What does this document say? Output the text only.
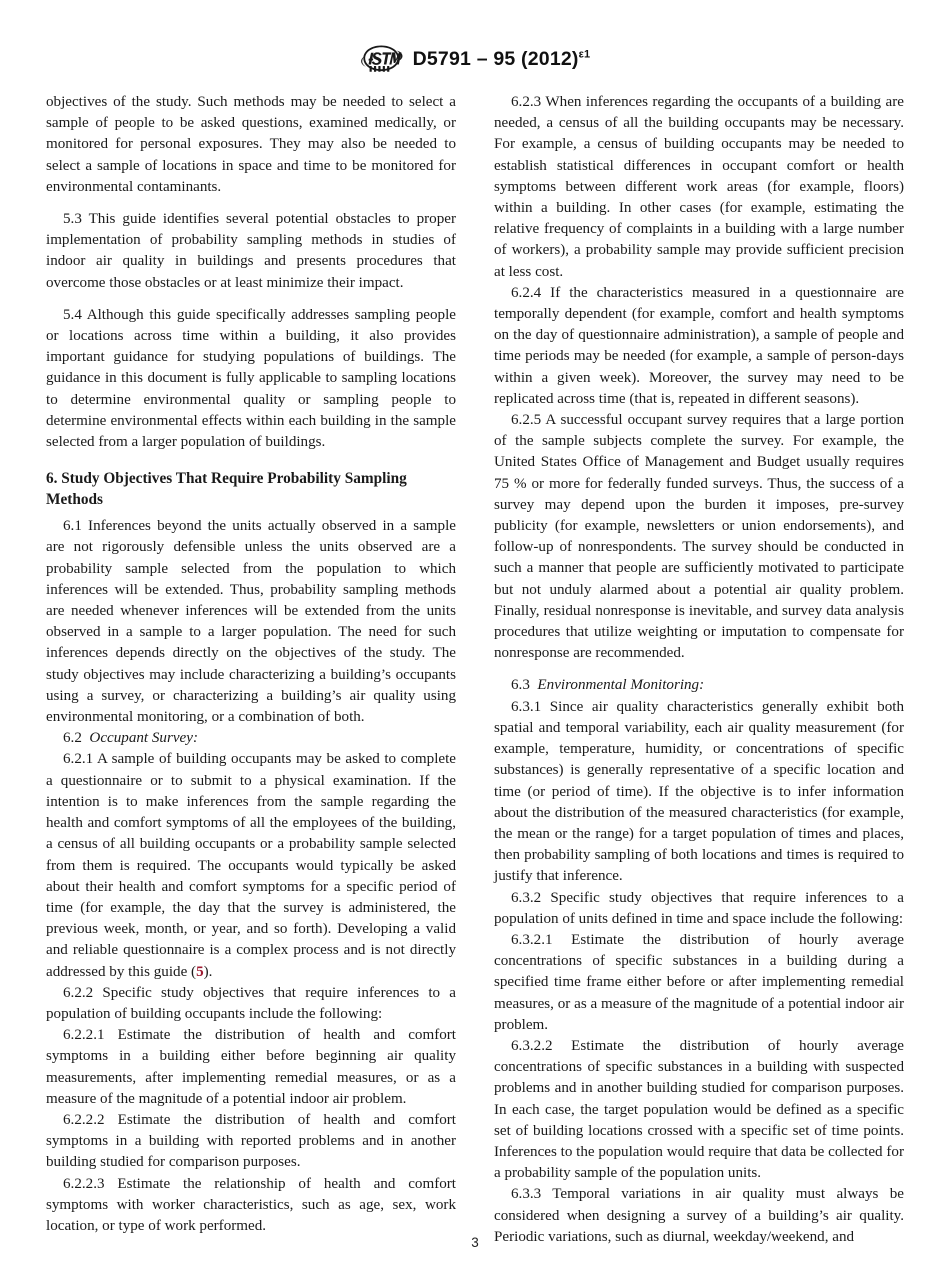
D5791 – 95 $(2012)^{\varepsilon 1}$

objectives of the study. Such methods may be needed to select a sample of people to be asked questions, examined medically, or monitored for personal exposures. They may also be needed to select a sample of locations in space and time to be monitored for environmental contaminants.

5.3 This guide identifies several potential obstacles to proper implementation of probability sampling methods in studies of indoor air quality in buildings and presents procedures that overcome those obstacles or at least minimize their impact.

5.4 Although this guide specifically addresses sampling people or locations across time within a building, it also provides important guidance for studying populations of buildings. The guidance in this document is fully applicable to sampling locations to determine environmental quality or sampling people to determine environmental effects within each building in the sample selected from a larger population of buildings.

6. Study Objectives That Require Probability Sampling Methods

6.1 Inferences beyond the units actually observed in a sample are not rigorously defensible unless the units observed are a probability sample selected from the population to which inferences will be extended. Thus, probability sampling methods are needed whenever inferences will be extended from the units observed in a sample to a larger population. The need for such inferences depends directly on the objectives of the study. The study objectives may include characterizing a building’s occupants using a survey, or characterizing a building’s air quality using environmental monitoring, or a combination of both.

6.2 Occupant Survey:

6.2.1 A sample of building occupants may be asked to complete a questionnaire or to submit to a physical examination. If the intention is to make inferences from the sample regarding the health and comfort symptoms of all the employees of the building, a census of all building occupants or a probability sample selected from them is required. The occupants would typically be asked about their health and comfort symptoms for a specific period of time (for example, the day that the survey is administered, the previous week, month, or year, and so forth). Developing a valid and reliable questionnaire is a complex process and is not directly addressed by this guide (5).

6.2.2 Specific study objectives that require inferences to a population of building occupants include the following:

6.2.2.1 Estimate the distribution of health and comfort symptoms in a building either before beginning air quality measurements, after implementing remedial measures, or as a measure of the magnitude of a potential indoor air problem.

6.2.2.2 Estimate the distribution of health and comfort symptoms in a building with reported problems and in another building studied for comparison purposes.

6.2.2.3 Estimate the relationship of health and comfort symptoms with worker characteristics, such as age, sex, work location, or type of work performed.

6.2.3 When inferences regarding the occupants of a building are needed, a census of all the building occupants may be necessary. For example, a census of building occupants may be needed to establish statistical differences in occupant comfort or health symptoms between different work areas (for example, floors) within a building. In other cases (for example, estimating the relative frequency of complaints in a building with a large number of workers), a probability sample may provide sufficient precision at less cost.

6.2.4 If the characteristics measured in a questionnaire are temporally dependent (for example, comfort and health symptoms on the day of questionnaire administration), a sample of people and time periods may be needed (for example, a sample of person-days within a given week). Moreover, the survey may need to be replicated across time (that is, repeated in different seasons).

6.2.5 A successful occupant survey requires that a large portion of the sample subjects complete the survey. For example, the United States Office of Management and Budget usually requires 75 % or more for federally funded surveys. Thus, the success of a survey may depend upon the burden it imposes, pre-survey publicity (for example, newsletters or union endorsements), and follow-up of nonrespondents. The survey should be conducted in such a manner that people are sufficiently motivated to participate but not unduly alarmed about a potential air quality problem. Finally, residual nonresponse is inevitable, and survey data analysis procedures that utilize weighting or imputation to compensate for nonresponse are recommended.

6.3 Environmental Monitoring:

6.3.1 Since air quality characteristics generally exhibit both spatial and temporal variability, each air quality measurement (for example, temperature, humidity, or concentrations of specific substances) is generally representative of a specific location and time (or period of time). If the objective is to infer information about the distribution of the measured characteristics (for example, the mean or the range) for a target population of times and places, then probability sampling of both locations and times is required to justify that inference.

6.3.2 Specific study objectives that require inferences to a population of units defined in time and space include the following:

6.3.2.1 Estimate the distribution of hourly average concentrations of specific substances in a building during a specified time frame either before or after implementing remedial measures, or as a measure of the magnitude of a potential indoor air problem.

6.3.2.2 Estimate the distribution of hourly average concentrations of specific substances in a building with suspected problems and in another building studied for comparison purposes. In each case, the target population would be defined as a specific set of building locations crossed with a specific set of time points. Inferences to the population would require that data be collected for a probability sample of the population units.

6.3.3 Temporal variations in air quality must always be considered when designing a survey of a building’s air quality. Periodic variations, such as diurnal, weekday/weekend, and

3
